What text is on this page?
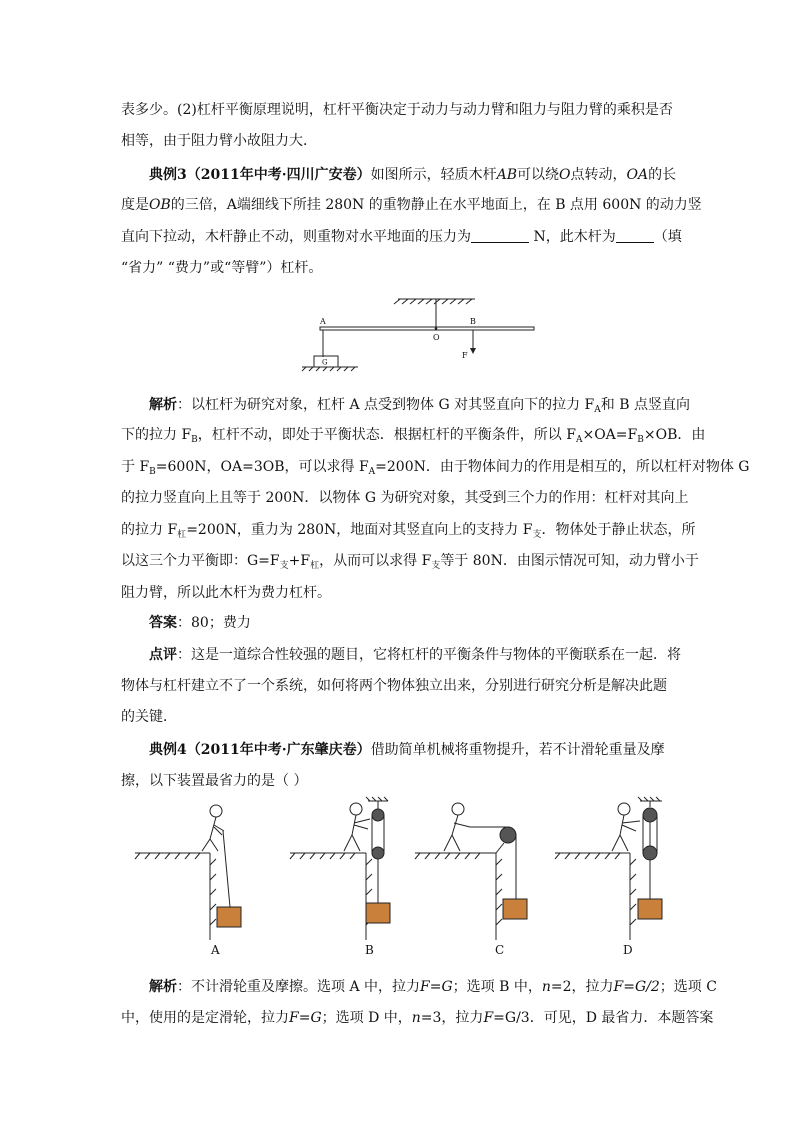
表多少。(2)杠杆平衡原理说明，杠杆平衡决定于动力与动力臂和阻力与阻力臂的乘积是否
相等，由于阻力臂小故阻力大．
典例3（2011年中考·四川广安卷）如图所示，轻质木杆AB可以绕O点转动，OA的长
度是OB的三倍，A端细线下所挂 280N 的重物静止在水平地面上，在 B 点用 600N 的动力竖
直向下拉动，木杆静止不动，则重物对水平地面的压力为	N，此木杆为	（填
“省力” “费力”或“等臂”）杠杆。
A
O
B
F
G
解析：以杠杆为研究对象，杠杆 A 点受到物体 G 对其竖直向下的拉力 $F_A$和 B 点竖直向
下的拉力 $F_B$，杠杆不动，即处于平衡状态．根据杠杆的平衡条件，所以 $F_A\times OA=F_B\times OB$．由
于 $F_B=600N$，OA=3OB，可以求得 $F_A=200N$．由于物体间力的作用是相互的，所以杠杆对物体 G
的拉力竖直向上且等于 200N．以物体 G 为研究对象，其受到三个力的作用：杠杆对其向上
的拉力 $F_杠=200N$，重力为 280N，地面对其竖直向上的支持力 $F_支$．物体处于静止状态，所
以这三个力平衡即：$G=F_支+F_杠$，从而可以求得 $F_支$等于 80N．由图示情况可知，动力臂小于
阻力臂，所以此木杆为费力杠杆。
答案：80；费力
点评：这是一道综合性较强的题目，它将杠杆的平衡条件与物体的平衡联系在一起．将
物体与杠杆建立不了一个系统，如何将两个物体独立出来，分别进行研究分析是解决此题
的关键．
典例4（2011年中考·广东肇庆卷）借助简单机械将重物提升，若不计滑轮重量及摩
擦，以下装置最省力的是（ ）
A	B	C	D
解析：不计滑轮重及摩擦。选项 A 中，拉力F=G；选项 B 中，n=2，拉力F=G/2；选项 C
中，使用的是定滑轮，拉力F=G；选项 D 中，n=3，拉力F=G/3．可见，D 最省力．本题答案
